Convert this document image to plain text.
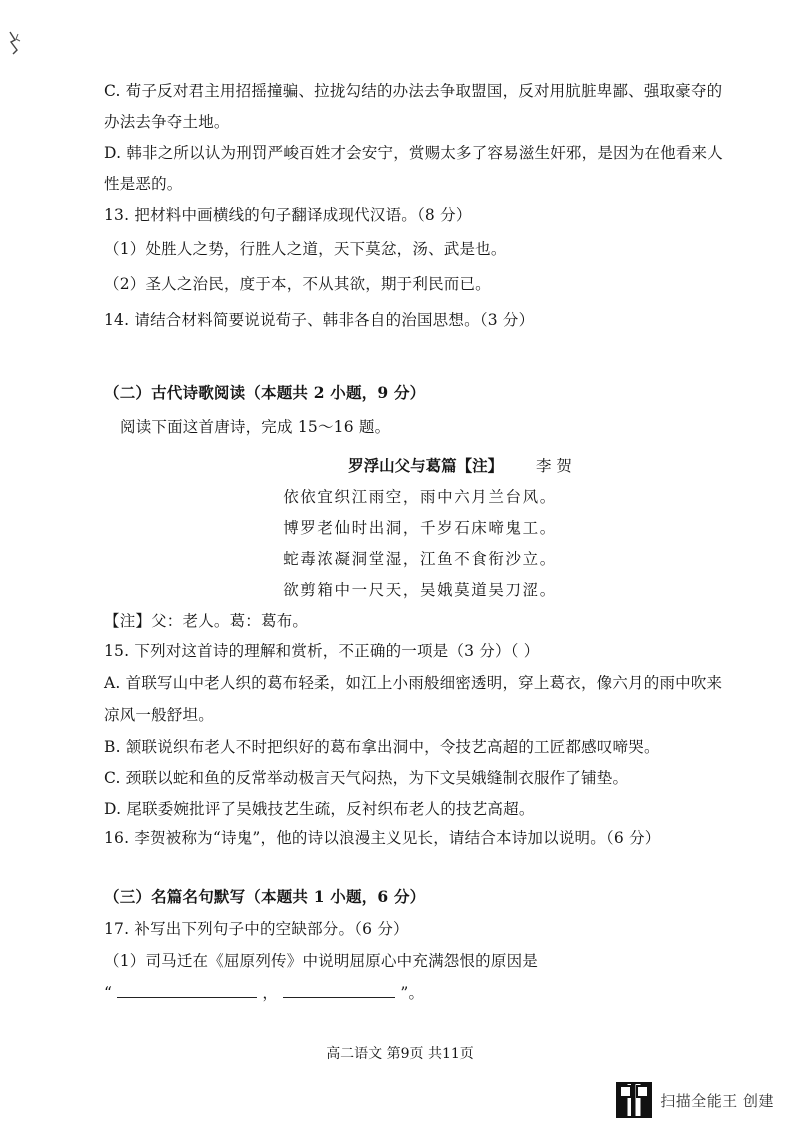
C. 荀子反对君主用招摇撞骗、拉拢勾结的办法去争取盟国，反对用肮脏卑鄙、强取豪夺的
办法去争夺土地。
D. 韩非之所以认为刑罚严峻百姓才会安宁，赏赐太多了容易滋生奸邪，是因为在他看来人
性是恶的。
13. 把材料中画横线的句子翻译成现代汉语。（8 分）
（1）处胜人之势，行胜人之道，天下莫忿，汤、武是也。
（2）圣人之治民，度于本，不从其欲，期于利民而已。
14. 请结合材料简要说说荀子、韩非各自的治国思想。（3 分）
（二）古代诗歌阅读（本题共 2 小题，9 分）
阅读下面这首唐诗，完成 15～16 题。
罗浮山父与葛篇【注】 李 贺
依依宜织江雨空，雨中六月兰台风。
博罗老仙时出洞，千岁石床啼鬼工。
蛇毒浓凝洞堂湿，江鱼不食衔沙立。
欲剪箱中一尺天，吴娥莫道吴刀涩。
【注】父：老人。葛：葛布。
15. 下列对这首诗的理解和赏析，不正确的一项是（3 分）（ ）
A. 首联写山中老人织的葛布轻柔，如江上小雨般细密透明，穿上葛衣，像六月的雨中吹来
凉风一般舒坦。
B. 颔联说织布老人不时把织好的葛布拿出洞中，令技艺高超的工匠都感叹啼哭。
C. 颈联以蛇和鱼的反常举动极言天气闷热，为下文吴娥缝制衣服作了铺垫。
D. 尾联委婉批评了吴娥技艺生疏，反衬织布老人的技艺高超。
16. 李贺被称为“诗鬼”，他的诗以浪漫主义见长，请结合本诗加以说明。（6 分）
（三）名篇名句默写（本题共 1 小题，6 分）
17. 补写出下列句子中的空缺部分。（6 分）
（1）司马迁在《屈原列传》中说明屈原心中充满怨恨的原因是
“	，	”。
高二语文 第9页 共11页
扫描全能王 创建
